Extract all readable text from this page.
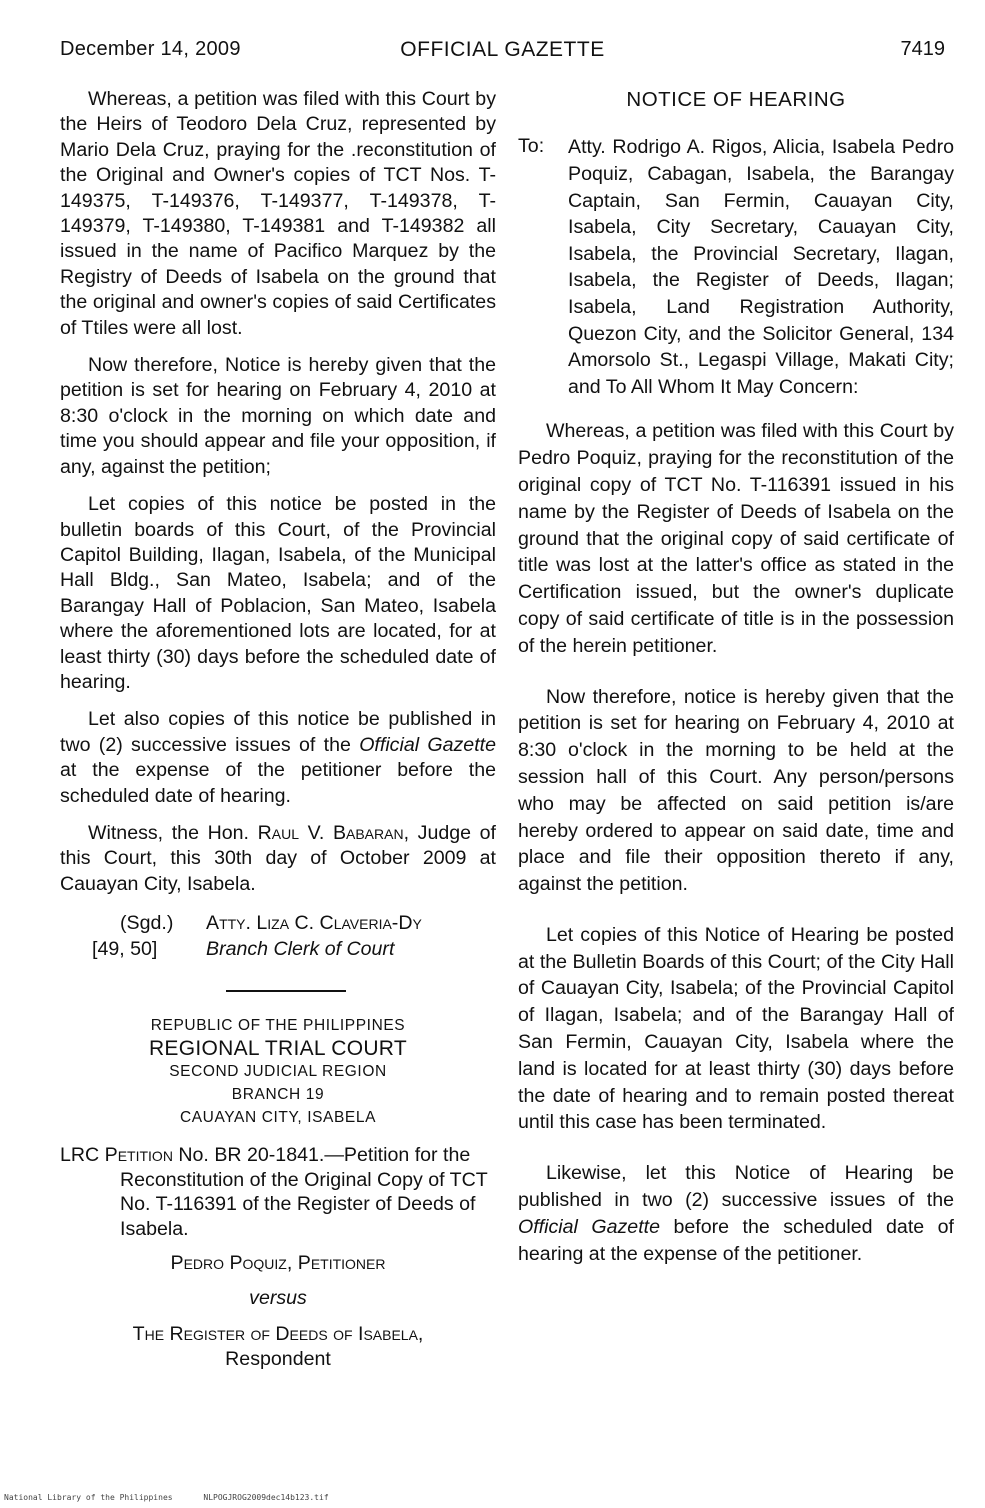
December 14, 2009	OFFICIAL GAZETTE	7419

Whereas, a petition was filed with this Court by the Heirs of Teodoro Dela Cruz, represented by Mario Dela Cruz, praying for the .reconstitution of the Original and Owner's copies of TCT Nos. T-149375, T-149376, T-149377, T-149378, T-149379, T-149380, T-149381 and T-149382 all issued in the name of Pacifico Marquez by the Registry of Deeds of Isabela on the ground that the original and owner's copies of said Certificates of Ttiles were all lost.

Now therefore, Notice is hereby given that the petition is set for hearing on February 4, 2010 at 8:30 o'clock in the morning on which date and time you should appear and file your opposition, if any, against the petition;

Let copies of this notice be posted in the bulletin boards of this Court, of the Provincial Capitol Building, Ilagan, Isabela, of the Municipal Hall Bldg., San Mateo, Isabela; and of the Barangay Hall of Poblacion, San Mateo, Isabela where the aforementioned lots are located, for at least thirty (30) days before the scheduled date of hearing.

Let also copies of this notice be published in two (2) successive issues of the Official Gazette at the expense of the petitioner before the scheduled date of hearing.

Witness, the Hon. Raul V. Babaran, Judge of this Court, this 30th day of October 2009 at Cauayan City, Isabela.

(Sgd.)	Atty. Liza C. Claveria-Dy
[49, 50]	Branch Clerk of Court
REPUBLIC OF THE PHILIPPINES
REGIONAL TRIAL COURT
SECOND JUDICIAL REGION
BRANCH 19
CAUAYAN CITY, ISABELA
LRC Petition No. BR 20-1841.—Petition for the Reconstitution of the Original Copy of TCT No. T-116391 of the Register of Deeds of Isabela.
Pedro Poquiz, Petitioner
versus
The Register of Deeds of Isabela,
Respondent
NOTICE OF HEARING
To:	Atty. Rodrigo A. Rigos, Alicia, Isabela Pedro Poquiz, Cabagan, Isabela, the Barangay Captain, San Fermin, Cauayan City, Isabela, City Secretary, Cauayan City, Isabela, the Provincial Secretary, Ilagan, Isabela, the Register of Deeds, Ilagan; Isabela, Land Registration Authority, Quezon City, and the Solicitor General, 134 Amorsolo St., Legaspi Village, Makati City; and To All Whom It May Concern:

Whereas, a petition was filed with this Court by Pedro Poquiz, praying for the reconstitution of the original copy of TCT No. T-116391 issued in his name by the Register of Deeds of Isabela on the ground that the original copy of said certificate of title was lost at the latter's office as stated in the Certification issued, but the owner's duplicate copy of said certificate of title is in the possession of the herein petitioner.

Now therefore, notice is hereby given that the petition is set for hearing on February 4, 2010 at 8:30 o'clock in the morning to be held at the session hall of this Court. Any person/persons who may be affected on said petition is/are hereby ordered to appear on said date, time and place and file their opposition thereto if any, against the petition.

Let copies of this Notice of Hearing be posted at the Bulletin Boards of this Court; of the City Hall of Cauayan City, Isabela; of the Provincial Capitol of Ilagan, Isabela; and of the Barangay Hall of San Fermin, Cauayan City, Isabela where the land is located for at least thirty (30) days before the date of hearing and to remain posted thereat until this case has been terminated.

Likewise, let this Notice of Hearing be published in two (2) successive issues of the Official Gazette before the scheduled date of hearing at the expense of the petitioner.

National Library of the Philippines	NLPOGJROG2009dec14b123.tif
